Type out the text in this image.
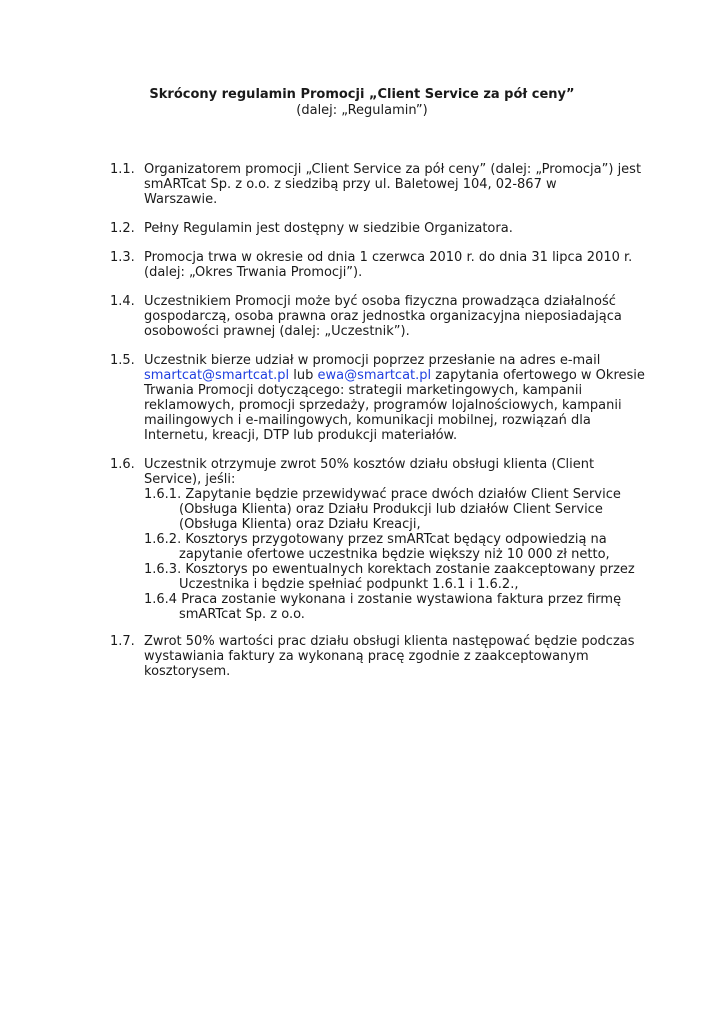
Skrócony regulamin Promocji „Client Service za pół ceny”
(dalej: „Regulamin”)
1.1. Organizatorem promocji „Client Service za pół ceny” (dalej: „Promocja”) jest
smARTcat Sp. z o.o. z siedzibą przy ul. Baletowej 104, 02-867 w
Warszawie.
1.2. Pełny Regulamin jest dostępny w siedzibie Organizatora.
1.3. Promocja trwa w okresie od dnia 1 czerwca 2010 r. do dnia 31 lipca 2010 r.
(dalej: „Okres Trwania Promocji”).
1.4. Uczestnikiem Promocji może być osoba fizyczna prowadząca działalność
gospodarczą, osoba prawna oraz jednostka organizacyjna nieposiadająca
osobowości prawnej (dalej: „Uczestnik”).
1.5. Uczestnik bierze udział w promocji poprzez przesłanie na adres e-mail
smartcat@smartcat.pl lub ewa@smartcat.pl zapytania ofertowego w Okresie
Trwania Promocji dotyczącego: strategii marketingowych, kampanii
reklamowych, promocji sprzedaży, programów lojalnościowych, kampanii
mailingowych i e-mailingowych, komunikacji mobilnej, rozwiązań dla
Internetu, kreacji, DTP lub produkcji materiałów.
1.6. Uczestnik otrzymuje zwrot 50% kosztów działu obsługi klienta (Client
Service), jeśli:
1.6.1. Zapytanie będzie przewidywać prace dwóch działów Client Service
(Obsługa Klienta) oraz Działu Produkcji lub działów Client Service
(Obsługa Klienta) oraz Działu Kreacji,
1.6.2. Kosztorys przygotowany przez smARTcat będący odpowiedzią na
zapytanie ofertowe uczestnika będzie większy niż 10 000 zł netto,
1.6.3. Kosztorys po ewentualnych korektach zostanie zaakceptowany przez
Uczestnika i będzie spełniać podpunkt 1.6.1 i 1.6.2.,
1.6.4 Praca zostanie wykonana i zostanie wystawiona faktura przez firmę
smARTcat Sp. z o.o.
1.7. Zwrot 50% wartości prac działu obsługi klienta następować będzie podczas
wystawiania faktury za wykonaną pracę zgodnie z zaakceptowanym
kosztorysem.
